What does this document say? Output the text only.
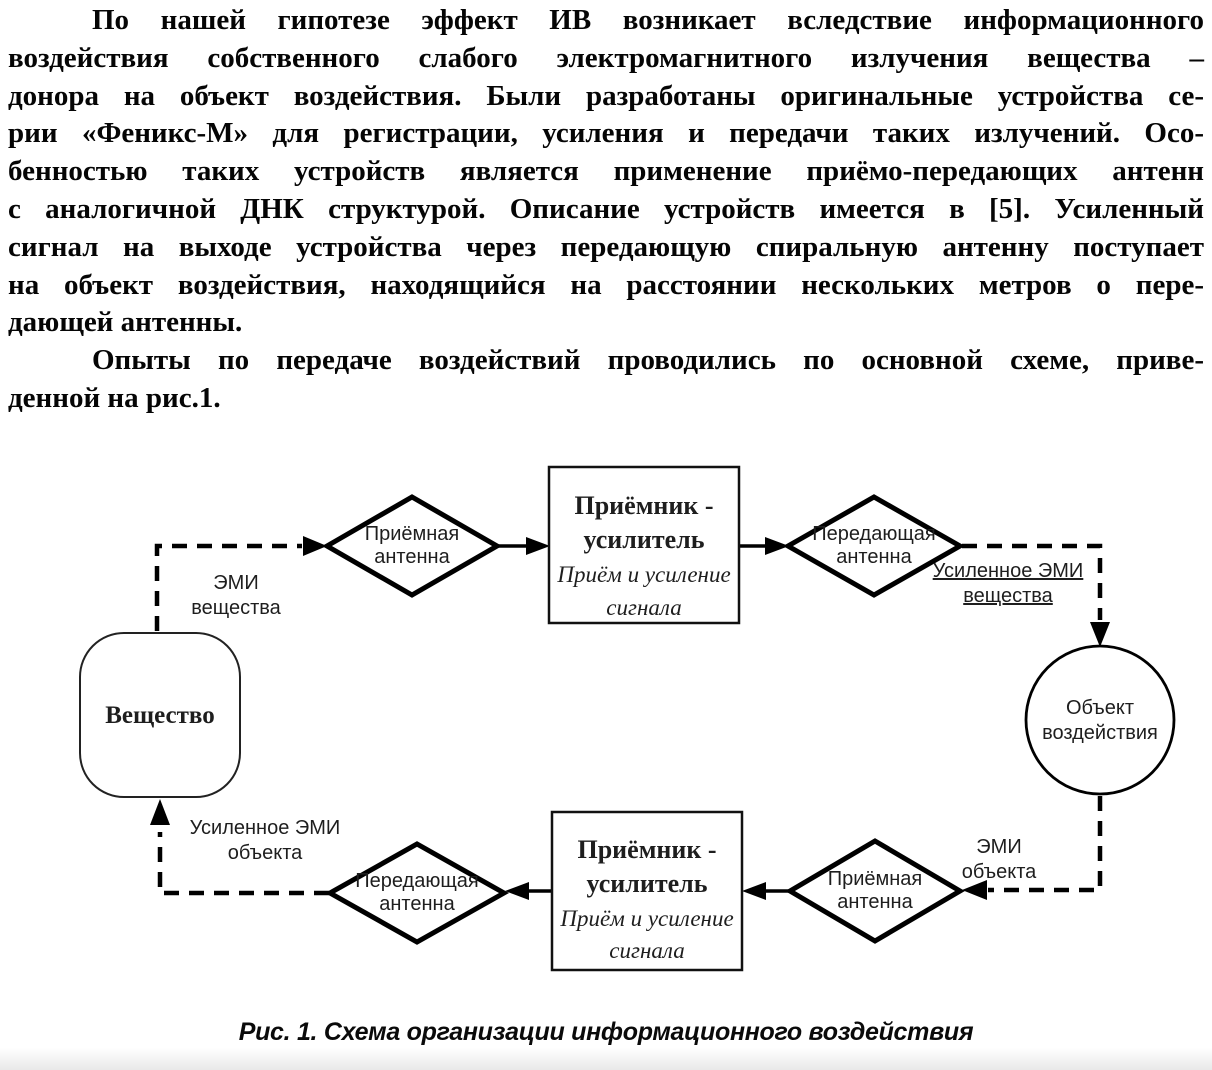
По нашей гипотезе эффект ИВ возникает вследствие информационного
воздействия собственного слабого электромагнитного излучения вещества –
донора на объект воздействия. Были разработаны оригинальные устройства се-
рии «Феникс-М» для регистрации, усиления и передачи таких излучений. Осо-
бенностью таких устройств является применение приёмо-передающих антенн
с аналогичной ДНК структурой. Описание устройств имеется в [5]. Усиленный
сигнал на выходе устройства через передающую спиральную антенну поступает
на объект воздействия, находящийся на расстоянии нескольких метров о пере-
дающей антенны.
Опыты по передаче воздействий проводились по основной схеме, приве-
денной на рис.1.
Вещество
Приёмник -
усилитель
Приём и усиление
сигнала
Приёмник -
усилитель
Приём и усиление
сигнала
Приёмная
антенна
Передающая
антенна
Приёмная
антенна
Передающая
антенна
Объект
воздействия
ЭМИ
вещества
Усиленное ЭМИ
вещества
ЭМИ
объекта
Усиленное ЭМИ
объекта
Рис. 1. Схема организации информационного воздействия
